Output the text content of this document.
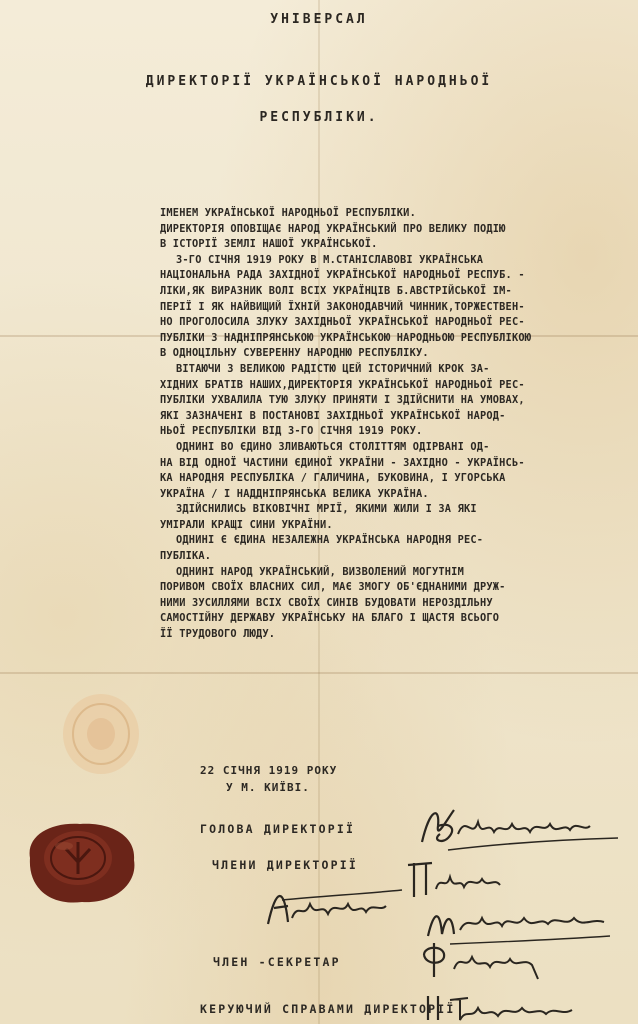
УНІВЕРСАЛ
ДИРЕКТОРІЇ УКРАЇНСЬКОЇ НАРОДНЬОЇ
РЕСПУБЛІКИ.

ІМЕНЕМ УКРАЇНСЬКОЇ НАРОДНЬОЇ РЕСПУБЛІКИ.

ДИРЕКТОРІЯ ОПОВІЩАЄ НАРОД УКРАЇНСЬКИЙ ПРО ВЕЛИКУ ПОДІЮ

В ІСТОРІЇ ЗЕМЛІ НАШОЇ УКРАЇНСЬКОЇ.

3-ГО СІЧНЯ 1919 РОКУ В М.СТАНІСЛАВОВІ УКРАЇНСЬКА

НАЦІОНАЛЬНА РАДА ЗАХІДНОЇ УКРАЇНСЬКОЇ НАРОДНЬОЇ РЕСПУБ. -

ЛІКИ,ЯК ВИРАЗНИК ВОЛІ ВСІХ УКРАЇНЦІВ Б.АВСТРІЙСЬКОЇ ІМ-

ПЕРІЇ І ЯК НАЙВИЩИЙ ЇХНІЙ ЗАКОНОДАВЧИЙ ЧИННИК,ТОРЖЕСТВЕН-

НО ПРОГОЛОСИЛА ЗЛУКУ ЗАХІДНЬОЇ УКРАЇНСЬКОЇ НАРОДНЬОЇ РЕС-

ПУБЛІКИ З НАДНІПРЯНСЬКОЮ УКРАЇНСЬКОЮ НАРОДНЬОЮ РЕСПУБЛІКОЮ

В ОДНОЦІЛЬНУ СУВЕРЕННУ НАРОДНЮ РЕСПУБЛІКУ.

ВІТАЮЧИ З ВЕЛИКОЮ РАДІСТЮ ЦЕЙ ІСТОРИЧНИЙ КРОК ЗА-

ХІДНИХ БРАТІВ НАШИХ,ДИРЕКТОРІЯ УКРАЇНСЬКОЇ НАРОДНЬОЇ РЕС-

ПУБЛІКИ УХВАЛИЛА ТУЮ ЗЛУКУ ПРИНЯТИ І ЗДІЙСНИТИ НА УМОВАХ,

ЯКІ ЗАЗНАЧЕНІ В ПОСТАНОВІ ЗАХІДНЬОЇ УКРАЇНСЬКОЇ НАРОД-

НЬОЇ РЕСПУБЛІКИ ВІД 3-ГО СІЧНЯ 1919 РОКУ.

ОДНИНІ ВО ЄДИНО ЗЛИВАЮТЬСЯ СТОЛІТТЯМ ОДІРВАНІ ОД-

НА ВІД ОДНОЇ ЧАСТИНИ ЄДИНОЇ УКРАЇНИ - ЗАХІДНО - УКРАЇНСЬ-

КА НАРОДНЯ РЕСПУБЛІКА / ГАЛИЧИНА, БУКОВИНА, І УГОРСЬКА

УКРАЇНА / І НАДДНІПРЯНСЬКА ВЕЛИКА УКРАЇНА.

ЗДІЙСНИЛИСЬ ВІКОВІЧНІ МРІЇ, ЯКИМИ ЖИЛИ І ЗА ЯКІ

УМІРАЛИ КРАЩІ СИНИ УКРАЇНИ.

ОДНИНІ Є ЄДИНА НЕЗАЛЕЖНА УКРАЇНСЬКА НАРОДНЯ РЕС-

ПУБЛІКА.

ОДНИНІ НАРОД УКРАЇНСЬКИЙ, ВИЗВОЛЕНИЙ МОГУТНІМ

ПОРИВОМ СВОЇХ ВЛАСНИХ СИЛ, МАЄ ЗМОГУ ОБ'ЄДНАНИМИ ДРУЖ-

НИМИ ЗУСИЛЛЯМИ ВСІХ СВОЇХ СИНІВ БУДОВАТИ НЕРОЗДІЛЬНУ

САМОСТІЙНУ ДЕРЖАВУ УКРАЇНСЬКУ НА БЛАГО І ЩАСТЯ ВСЬОГО

ЇЇ ТРУДОВОГО ЛЮДУ.

22 СІЧНЯ 1919 РОКУ
У М. КИЇВІ.
ГОЛОВА ДИРЕКТОРІЇ
ЧЛЕНИ ДИРЕКТОРІЇ
ЧЛЕН -СЕКРЕТАР
КЕРУЮЧИЙ СПРАВАМИ ДИРЕКТОРІЇ
